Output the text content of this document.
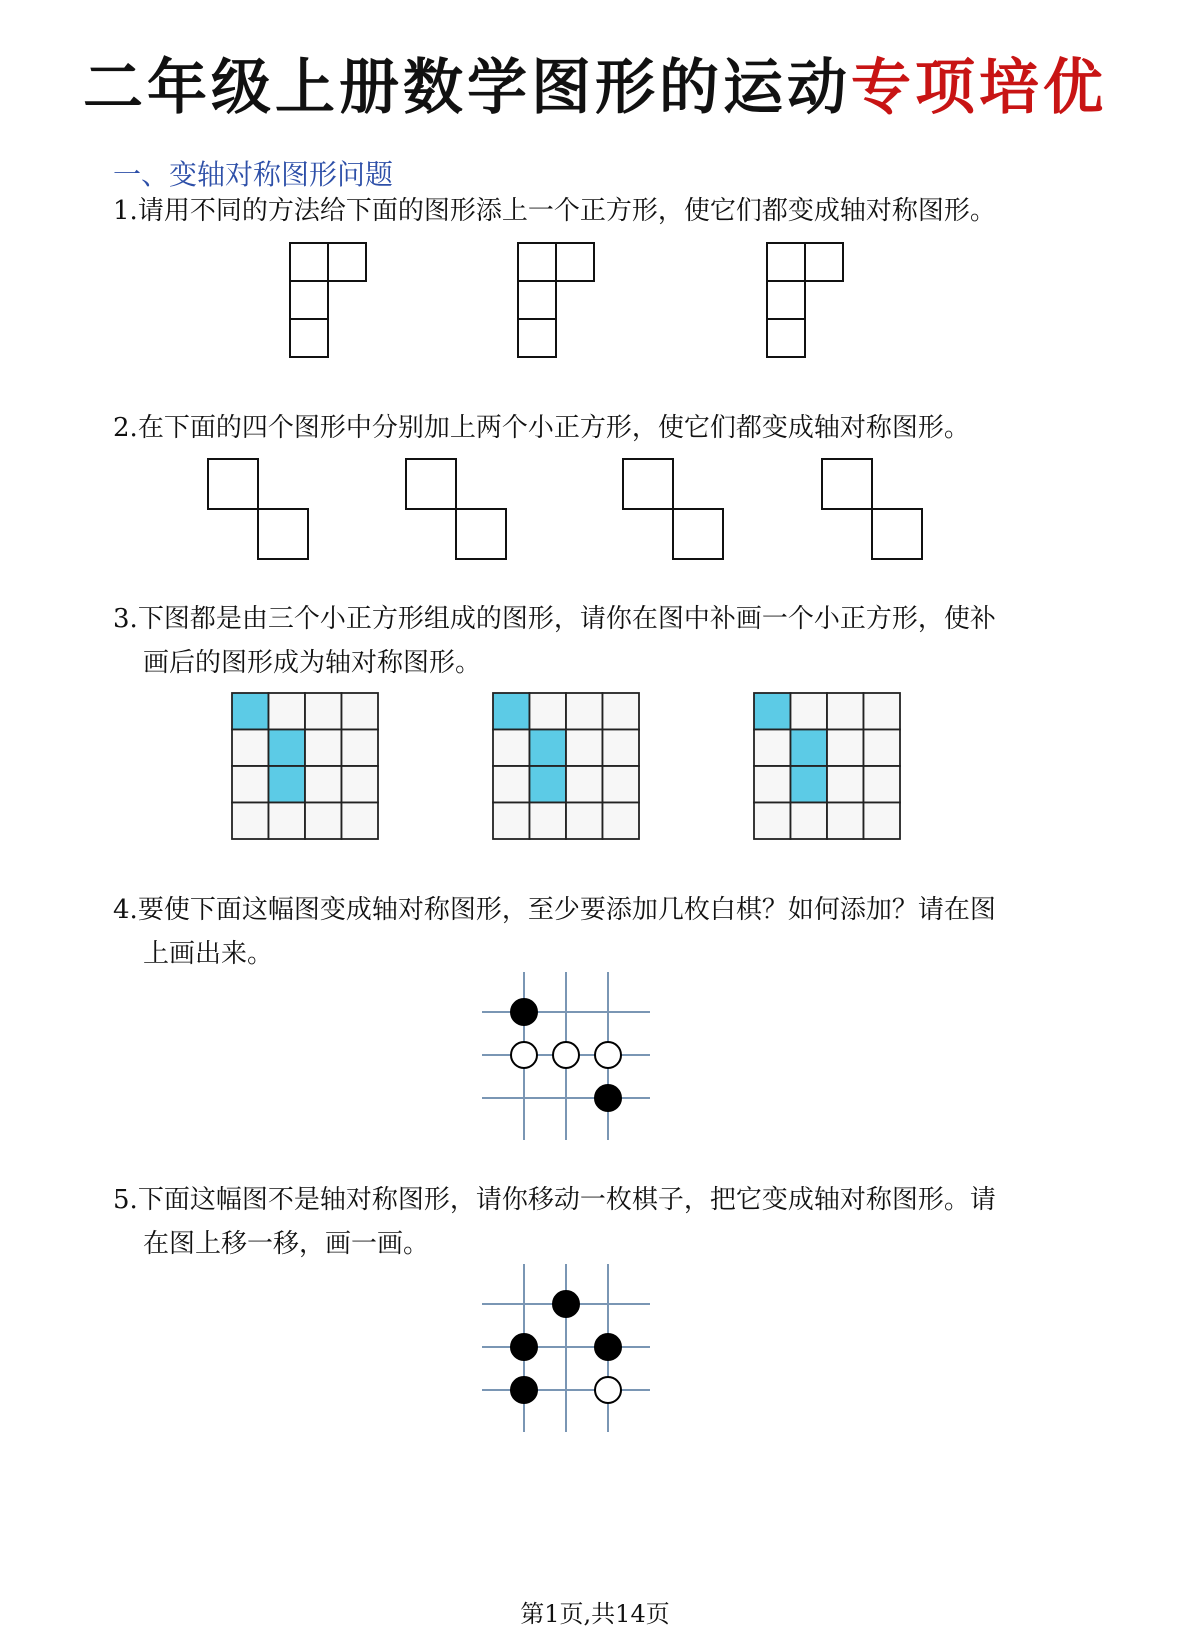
二年级上册数学图形的运动专项培优
一、变轴对称图形问题
1.请用不同的方法给下面的图形添上一个正方形，使它们都变成轴对称图形。
2.在下面的四个图形中分别加上两个小正方形，使它们都变成轴对称图形。
3.下图都是由三个小正方形组成的图形，请你在图中补画一个小正方形，使补
画后的图形成为轴对称图形。
4.要使下面这幅图变成轴对称图形，至少要添加几枚白棋？如何添加？请在图
上画出来。
5.下面这幅图不是轴对称图形，请你移动一枚棋子，把它变成轴对称图形。请
在图上移一移，画一画。
第1页,共14页
